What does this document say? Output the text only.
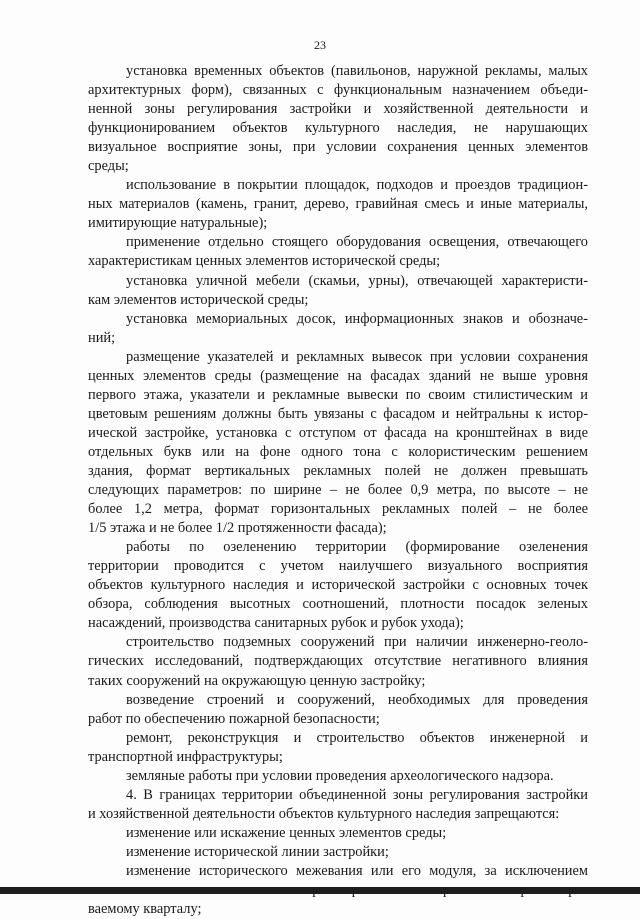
23
установка временных объектов (павильонов, наружной рекламы, малых
архитектурных форм), связанных с функциональным назначением объеди-
ненной зоны регулирования застройки и хозяйственной деятельности и
функционированием объектов культурного наследия, не нарушающих
визуальное восприятие зоны, при условии сохранения ценных элементов
среды;
использование в покрытии площадок, подходов и проездов традицион-
ных материалов (камень, гранит, дерево, гравийная смесь и иные материалы,
имитирующие натуральные);
применение отдельно стоящего оборудования освещения, отвечающего
характеристикам ценных элементов исторической среды;
установка уличной мебели (скамьи, урны), отвечающей характеристи-
кам элементов исторической среды;
установка мемориальных досок, информационных знаков и обозначе-
ний;
размещение указателей и рекламных вывесок при условии сохранения
ценных элементов среды (размещение на фасадах зданий не выше уровня
первого этажа, указатели и рекламные вывески по своим стилистическим и
цветовым решениям должны быть увязаны с фасадом и нейтральны к истор-
ической застройке, установка с отступом от фасада на кронштейнах в виде
отдельных букв или на фоне одного тона с колористическим решением
здания, формат вертикальных рекламных полей не должен превышать
следующих параметров: по ширине – не более 0,9 метра, по высоте – не
более 1,2 метра, формат горизонтальных рекламных полей – не более
1/5 этажа и не более 1/2 протяженности фасада);
работы по озеленению территории (формирование озеленения
территории проводится с учетом наилучшего визуального восприятия
объектов культурного наследия и исторической застройки с основных точек
обзора, соблюдения высотных соотношений, плотности посадок зеленых
насаждений, производства санитарных рубок и рубок ухода);
строительство подземных сооружений при наличии инженерно-геоло-
гических исследований, подтверждающих отсутствие негативного влияния
таких сооружений на окружающую ценную застройку;
возведение строений и сооружений, необходимых для проведения
работ по обеспечению пожарной безопасности;
ремонт, реконструкция и строительство объектов инженерной и
транспортной инфраструктуры;
земляные работы при условии проведения археологического надзора.
4. В границах территории объединенной зоны регулирования застройки
и хозяйственной деятельности объектов культурного наследия запрещаются:
изменение или искажение ценных элементов среды;
изменение исторической линии застройки;
изменение исторического межевания или его модуля, за исключением
ваемому кварталу;
